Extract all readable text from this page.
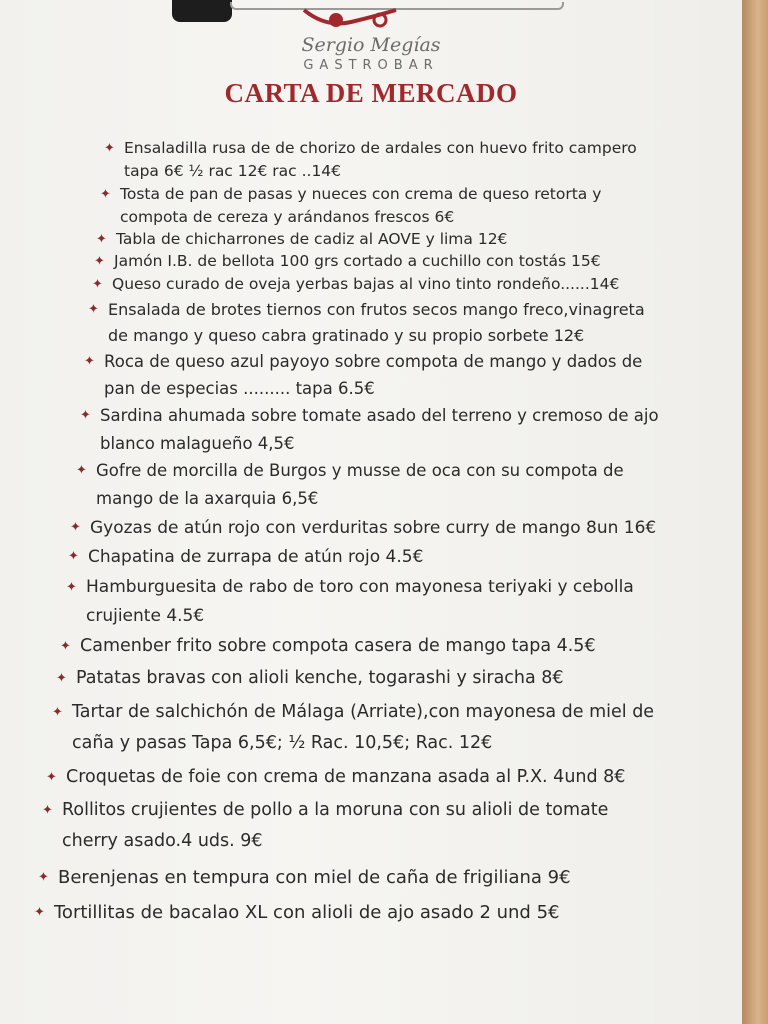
Sergio Megías
GASTROBAR
CARTA DE MERCADO
✦ Ensaladilla rusa de de chorizo de ardales con huevo frito campero
tapa 6€ ½ rac 12€ rac ..14€
✦ Tosta de pan de pasas y nueces con crema de queso retorta y
compota de cereza y arándanos frescos 6€
✦ Tabla de chicharrones de cadiz al AOVE y lima 12€
✦ Jamón I.B. de bellota 100 grs cortado a cuchillo con tostás 15€
✦ Queso curado de oveja yerbas bajas al vino tinto rondeño......14€
✦ Ensalada de brotes tiernos con frutos secos mango freco,vinagreta
de mango y queso cabra gratinado y su propio sorbete 12€
✦ Roca de queso azul payoyo sobre compota de mango y dados de
pan de especias ......... tapa 6.5€
✦ Sardina ahumada sobre tomate asado del terreno y cremoso de ajo
blanco malagueño 4,5€
✦ Gofre de morcilla de Burgos y musse de oca con su compota de
mango de la axarquia 6,5€
✦ Gyozas de atún rojo con verduritas sobre curry de mango 8un 16€
✦ Chapatina de zurrapa de atún rojo 4.5€
✦ Hamburguesita de rabo de toro con mayonesa teriyaki y cebolla
crujiente 4.5€
✦ Camenber frito sobre compota casera de mango tapa 4.5€
✦ Patatas bravas con alioli kenche, togarashi y siracha 8€
✦ Tartar de salchichón de Málaga (Arriate),con mayonesa de miel de
caña y pasas Tapa 6,5€; ½ Rac. 10,5€; Rac. 12€
✦ Croquetas de foie con crema de manzana asada al P.X. 4und 8€
✦ Rollitos crujientes de pollo a la moruna con su alioli de tomate
cherry asado.4 uds. 9€
✦ Berenjenas en tempura con miel de caña de frigiliana 9€
✦ Tortillitas de bacalao XL con alioli de ajo asado 2 und 5€
